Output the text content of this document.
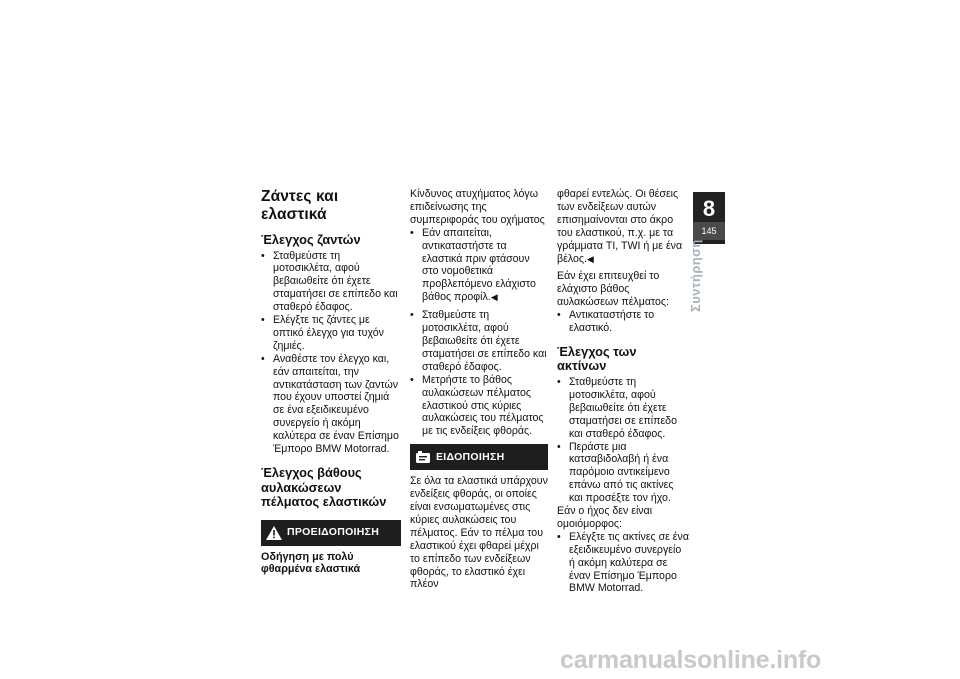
Ζάντες και ελαστικά
Έλεγχος ζαντών
• Σταθμεύστε τη μοτοσικλέτα, αφού βεβαιωθείτε ότι έχετε σταματήσει σε επίπεδο και σταθερό έδαφος.
• Ελέγξτε τις ζάντες με οπτικό έλεγχο για τυχόν ζημιές.
• Αναθέστε τον έλεγχο και, εάν απαιτείται, την αντικατάσταση των ζαντών που έχουν υποστεί ζημιά σε ένα εξειδικευμένο συνεργείο ή ακόμη καλύτερα σε έναν Επίσημο Έμπορο BMW Motorrad.
Έλεγχος βάθους αυλακώσεων πέλματος ελαστικών
ΠΡΟΕΙΔΟΠΟΙΗΣΗ
Οδήγηση με πολύ φθαρμένα ελαστικά

Κίνδυνος ατυχήματος λόγω επιδείνωσης της συμπεριφοράς του οχήματος

• Εάν απαιτείται, αντικαταστήστε τα ελαστικά πριν φτάσουν στο νομοθετικά προβλεπόμενο ελάχιστο βάθος προφίλ.◀
• Σταθμεύστε τη μοτοσικλέτα, αφού βεβαιωθείτε ότι έχετε σταματήσει σε επίπεδο και σταθερό έδαφος.
• Μετρήστε το βάθος αυλακώσεων πέλματος ελαστικού στις κύριες αυλακώσεις του πέλματος με τις ενδείξεις φθοράς.
ΕΙΔΟΠΟΙΗΣΗ

Σε όλα τα ελαστικά υπάρχουν ενδείξεις φθοράς, οι οποίες είναι ενσωματωμένες στις κύριες αυλακώσεις του πέλματος. Εάν το πέλμα του ελαστικού έχει φθαρεί μέχρι το επίπεδο των ενδείξεων φθοράς, το ελαστικό έχει πλέον

φθαρεί εντελώς. Οι θέσεις των ενδείξεων αυτών επισημαίνονται στο άκρο του ελαστικού, π.χ. με τα γράμματα TI, TWI ή με ένα βέλος.◀

Εάν έχει επιτευχθεί το ελάχιστο βάθος αυλακώσεων πέλματος:

• Αντικαταστήστε το ελαστικό.
Έλεγχος των ακτίνων
• Σταθμεύστε τη μοτοσικλέτα, αφού βεβαιωθείτε ότι έχετε σταματήσει σε επίπεδο και σταθερό έδαφος.
• Περάστε μια κατσαβιδολαβή ή ένα παρόμοιο αντικείμενο επάνω από τις ακτίνες και προσέξτε τον ήχο.

Εάν ο ήχος δεν είναι ομοιόμορφος:

• Ελέγξτε τις ακτίνες σε ένα εξειδικευμένο συνεργείο ή ακόμη καλύτερα σε έναν Επίσημο Έμπορο BMW Motorrad.
8
145
Συντήρηση
carmanualsonline.info
